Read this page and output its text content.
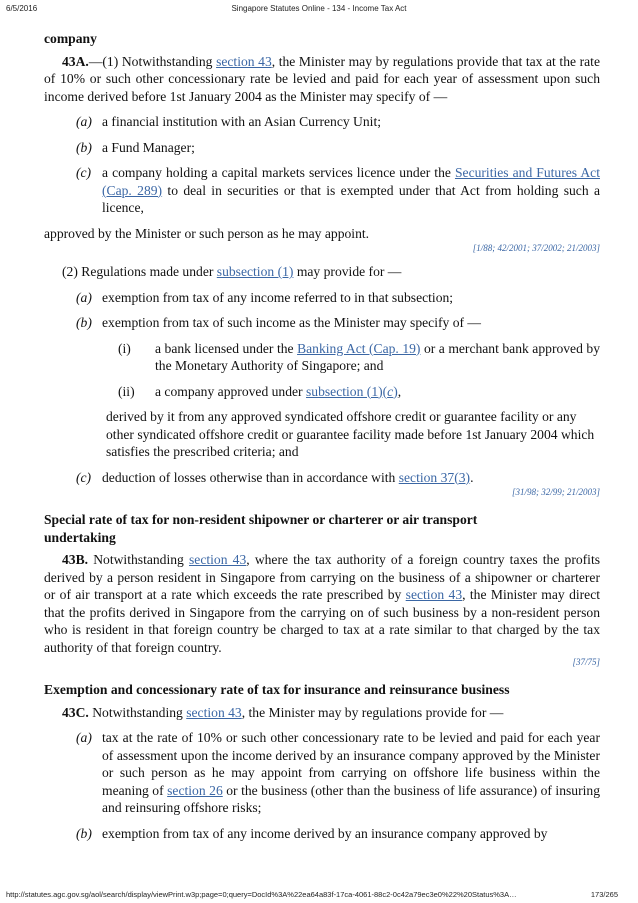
6/5/2016	Singapore Statutes Online - 134 - Income Tax Act

company

43A.—(1) Notwithstanding section 43, the Minister may by regulations provide that tax at the rate of 10% or such other concessionary rate be levied and paid for each year of assessment upon such income derived before 1st January 2004 as the Minister may specify of —

(a) a financial institution with an Asian Currency Unit;

(b) a Fund Manager;

(c) a company holding a capital markets services licence under the Securities and Futures Act (Cap. 289) to deal in securities or that is exempted under that Act from holding such a licence,

approved by the Minister or such person as he may appoint.

[1/88; 42/2001; 37/2002; 21/2003]

(2) Regulations made under subsection (1) may provide for —

(a) exemption from tax of any income referred to in that subsection;

(b) exemption from tax of such income as the Minister may specify of —

(i) a bank licensed under the Banking Act (Cap. 19) or a merchant bank approved by the Monetary Authority of Singapore; and

(ii) a company approved under subsection (1)(c),

derived by it from any approved syndicated offshore credit or guarantee facility or any other syndicated offshore credit or guarantee facility made before 1st January 2004 which satisfies the prescribed criteria; and

(c) deduction of losses otherwise than in accordance with section 37(3).

[31/98; 32/99; 21/2003]

Special rate of tax for non-resident shipowner or charterer or air transport undertaking

43B. Notwithstanding section 43, where the tax authority of a foreign country taxes the profits derived by a person resident in Singapore from carrying on the business of a shipowner or charterer or of air transport at a rate which exceeds the rate prescribed by section 43, the Minister may direct that the profits derived in Singapore from the carrying on of such business by a non-resident person who is resident in that foreign country be charged to tax at a rate similar to that charged by the tax authority of that foreign country.

[37/75]

Exemption and concessionary rate of tax for insurance and reinsurance business

43C. Notwithstanding section 43, the Minister may by regulations provide for —

(a) tax at the rate of 10% or such other concessionary rate to be levied and paid for each year of assessment upon the income derived by an insurance company approved by the Minister or such person as he may appoint from carrying on offshore life business within the meaning of section 26 or the business (other than the business of life assurance) of insuring and reinsuring offshore risks;

(b) exemption from tax of any income derived by an insurance company approved by

http://statutes.agc.gov.sg/aol/search/display/viewPrint.w3p;page=0;query=DocId%3A%22ea64a83f-17ca-4061-88c2-0c42a79ec3e0%22%20Status%3A…	173/265
